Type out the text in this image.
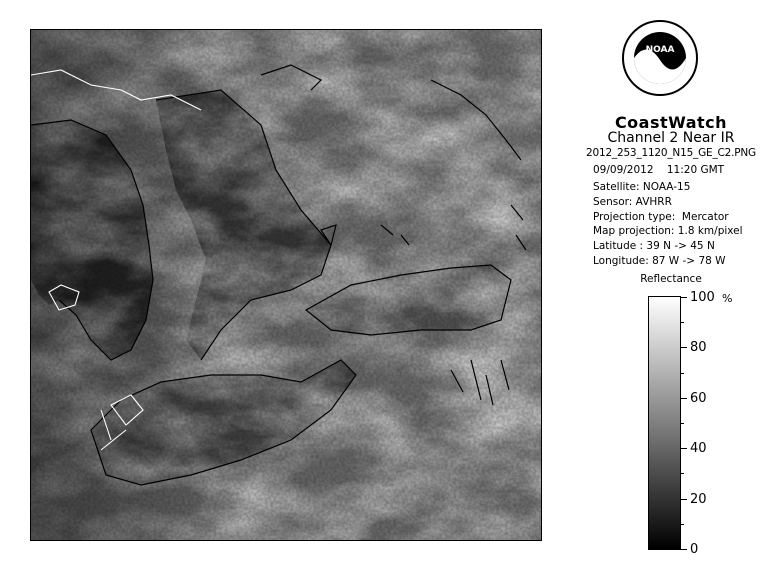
NOAA
CoastWatch
Channel 2 Near IR
2012_253_1120_N15_GE_C2.PNG
09/09/2012    11:20 GMT
Satellite: NOAA-15
Sensor: AVHRR
Projection type:  Mercator
Map projection: 1.8 km/pixel
Latitude : 39 N -> 45 N
Longitude: 87 W -> 78 W
Reflectance
100
80
60
40
20
0
%
